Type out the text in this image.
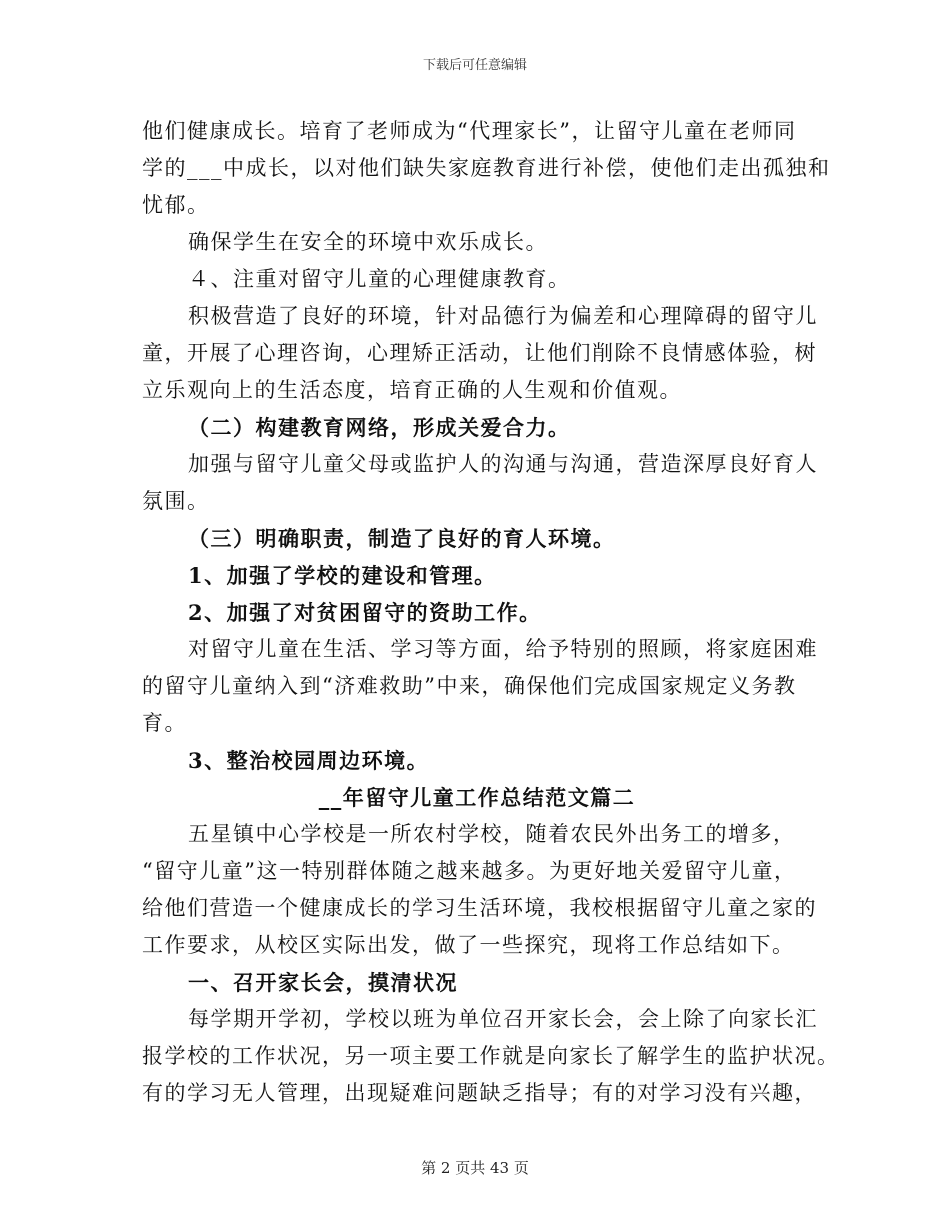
下载后可任意编辑
他们健康成长。培育了老师成为“代理家长”，让留守儿童在老师同
学的___中成长，以对他们缺失家庭教育进行补偿，使他们走出孤独和
忧郁。
确保学生在安全的环境中欢乐成长。
４、注重对留守儿童的心理健康教育。
积极营造了良好的环境，针对品德行为偏差和心理障碍的留守儿
童，开展了心理咨询，心理矫正活动，让他们削除不良情感体验，树
立乐观向上的生活态度，培育正确的人生观和价值观。
（二）构建教育网络，形成关爱合力。
加强与留守儿童父母或监护人的沟通与沟通，营造深厚良好育人
氛围。
（三）明确职责，制造了良好的育人环境。
1、加强了学校的建设和管理。
2、加强了对贫困留守的资助工作。
对留守儿童在生活、学习等方面，给予特别的照顾，将家庭困难
的留守儿童纳入到“济难救助”中来，确保他们完成国家规定义务教
育。
3、整治校园周边环境。
__年留守儿童工作总结范文篇二
五星镇中心学校是一所农村学校，随着农民外出务工的增多，
“留守儿童”这一特别群体随之越来越多。为更好地关爱留守儿童，
给他们营造一个健康成长的学习生活环境，我校根据留守儿童之家的
工作要求，从校区实际出发，做了一些探究，现将工作总结如下。
一、召开家长会，摸清状况
每学期开学初，学校以班为单位召开家长会，会上除了向家长汇
报学校的工作状况，另一项主要工作就是向家长了解学生的监护状况。
有的学习无人管理，出现疑难问题缺乏指导；有的对学习没有兴趣，
第 2 页共 43 页
